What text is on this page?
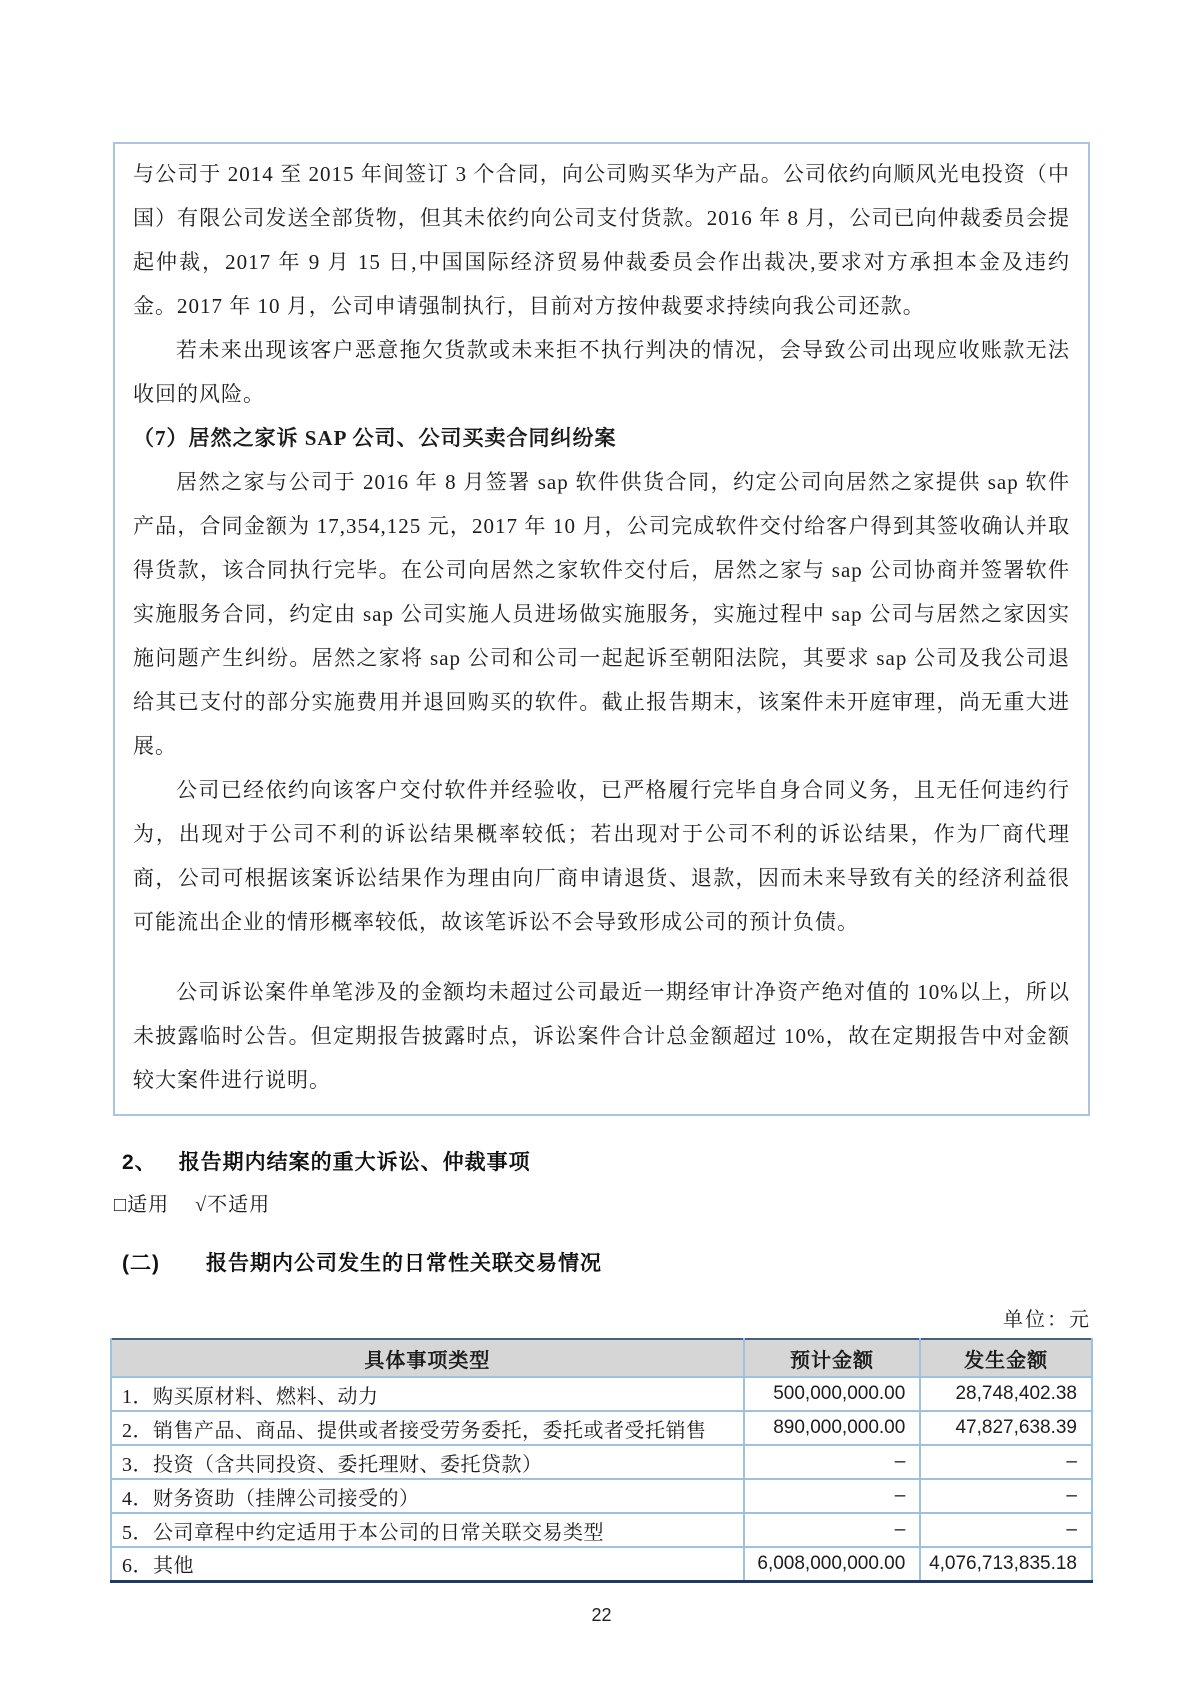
与公司于 2014 至 2015 年间签订 3 个合同，向公司购买华为产品。公司依约向顺风光电投资（中国）有限公司发送全部货物，但其未依约向公司支付货款。2016 年 8 月，公司已向仲裁委员会提起仲裁，2017 年 9 月 15 日,中国国际经济贸易仲裁委员会作出裁决,要求对方承担本金及违约金。2017 年 10 月，公司申请强制执行，目前对方按仲裁要求持续向我公司还款。

若未来出现该客户恶意拖欠货款或未来拒不执行判决的情况，会导致公司出现应收账款无法收回的风险。

（7）居然之家诉 SAP 公司、公司买卖合同纠纷案

居然之家与公司于 2016 年 8 月签署 sap 软件供货合同，约定公司向居然之家提供 sap 软件产品，合同金额为 17,354,125 元，2017 年 10 月，公司完成软件交付给客户得到其签收确认并取得货款，该合同执行完毕。在公司向居然之家软件交付后，居然之家与 sap 公司协商并签署软件实施服务合同，约定由 sap 公司实施人员进场做实施服务，实施过程中 sap 公司与居然之家因实施问题产生纠纷。居然之家将 sap 公司和公司一起起诉至朝阳法院，其要求 sap 公司及我公司退给其已支付的部分实施费用并退回购买的软件。截止报告期末，该案件未开庭审理，尚无重大进展。

公司已经依约向该客户交付软件并经验收，已严格履行完毕自身合同义务，且无任何违约行为，出现对于公司不利的诉讼结果概率较低；若出现对于公司不利的诉讼结果，作为厂商代理商，公司可根据该案诉讼结果作为理由向厂商申请退货、退款，因而未来导致有关的经济利益很可能流出企业的情形概率较低，故该笔诉讼不会导致形成公司的预计负债。

公司诉讼案件单笔涉及的金额均未超过公司最近一期经审计净资产绝对值的 10%以上，所以未披露临时公告。但定期报告披露时点，诉讼案件合计总金额超过 10%，故在定期报告中对金额较大案件进行说明。

2、 报告期内结案的重大诉讼、仲裁事项
□适用 √不适用
(二) 报告期内公司发生的日常性关联交易情况
单位：元
具体事项类型	预计金额	发生金额
1．购买原材料、燃料、动力	500,000,000.00	28,748,402.38
2．销售产品、商品、提供或者接受劳务委托，委托或者受托销售	890,000,000.00	47,827,638.39
3．投资（含共同投资、委托理财、委托贷款）	–	–
4．财务资助（挂牌公司接受的）	–	–
5．公司章程中约定适用于本公司的日常关联交易类型	–	–
6．其他	6,008,000,000.00	4,076,713,835.18
22
